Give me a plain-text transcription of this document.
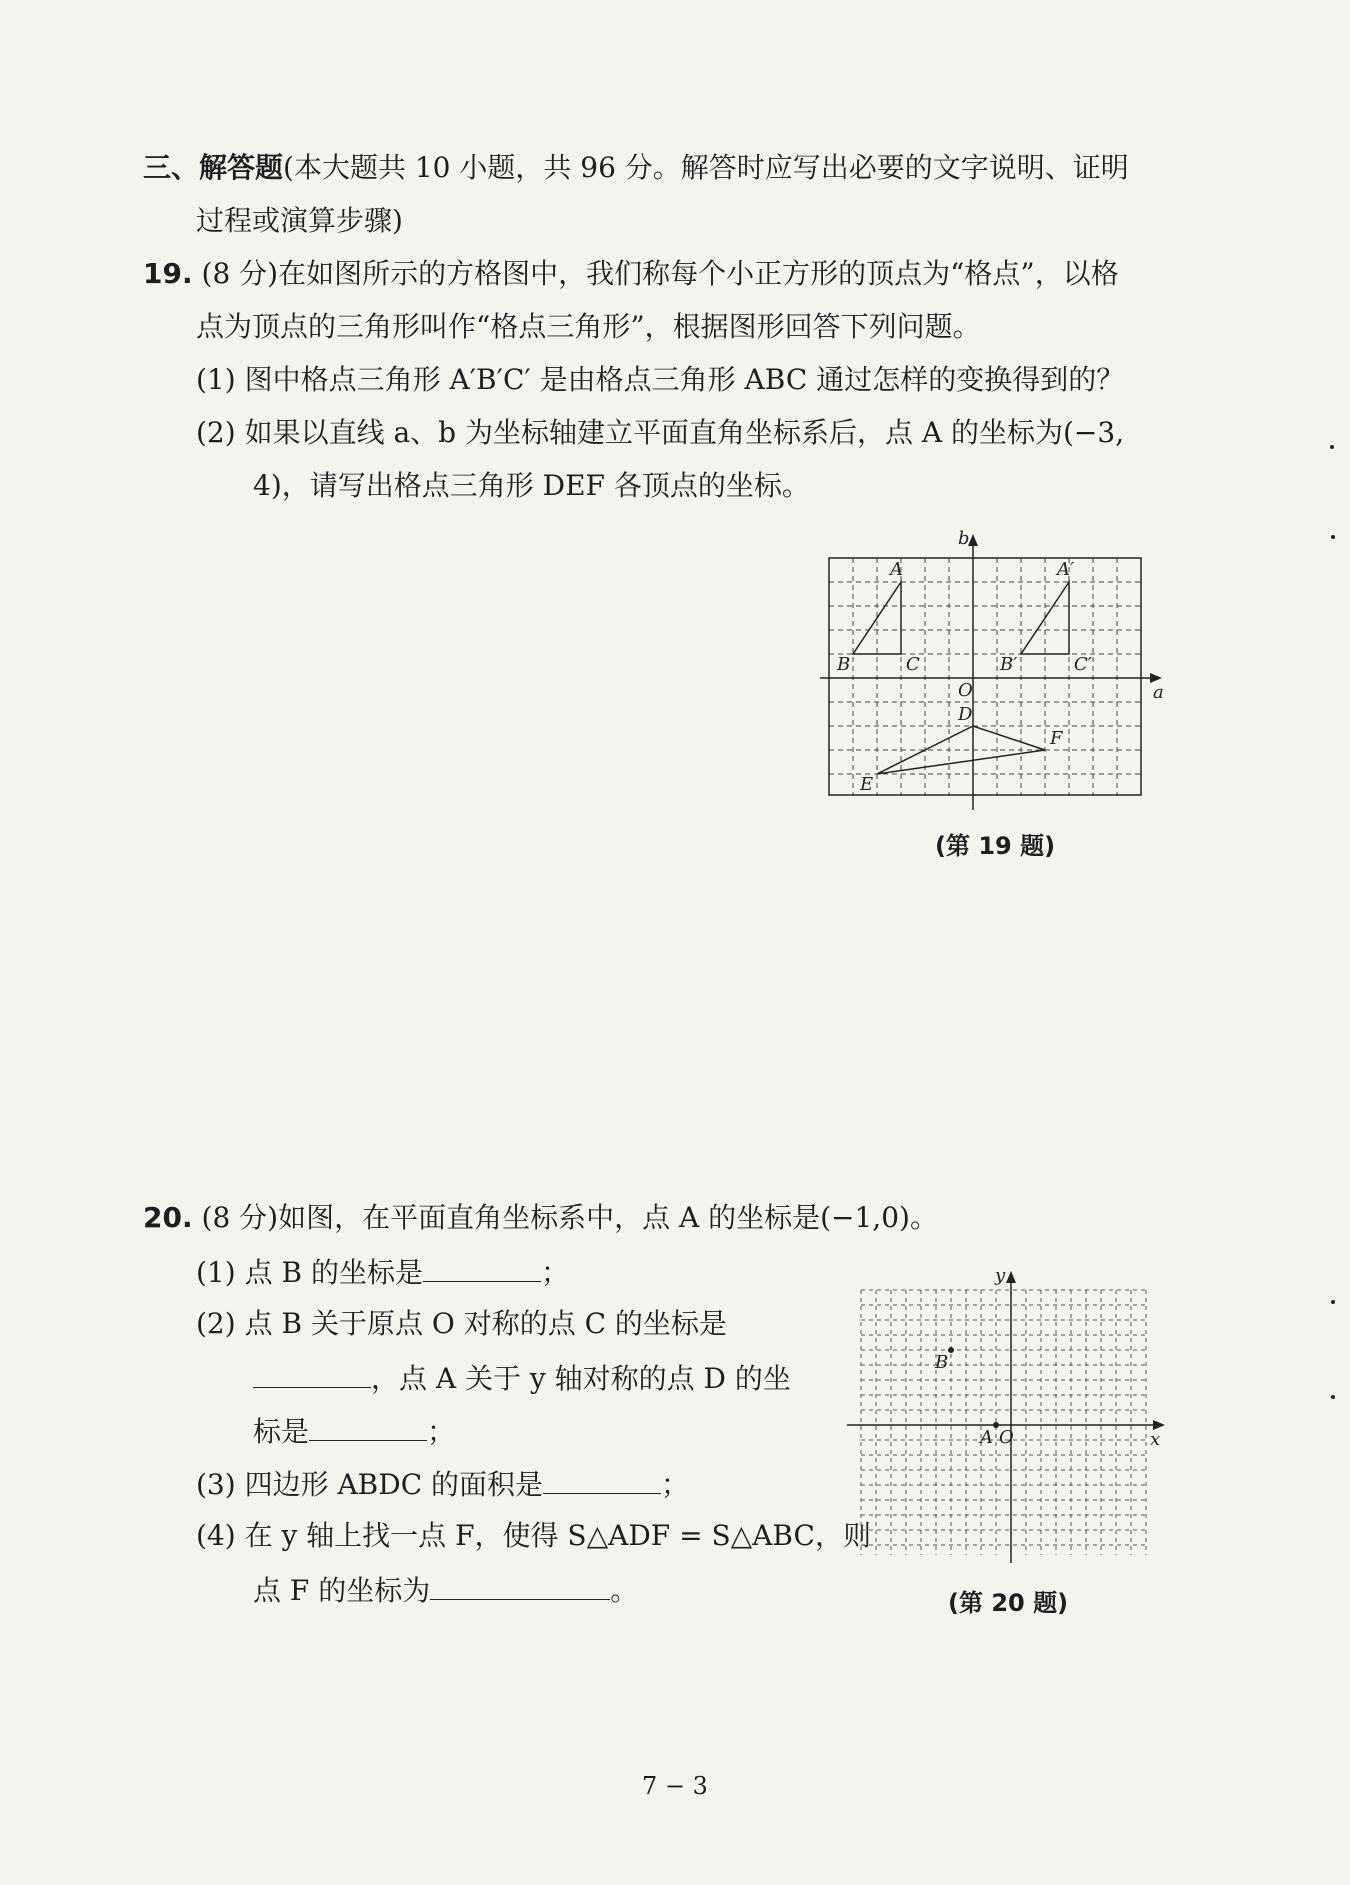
三、解答题(本大题共 10 小题，共 96 分。解答时应写出必要的文字说明、证明
过程或演算步骤)
19. (8 分)在如图所示的方格图中，我们称每个小正方形的顶点为“格点”，以格
点为顶点的三角形叫作“格点三角形”，根据图形回答下列问题。
(1) 图中格点三角形 A′B′C′ 是由格点三角形 ABC 通过怎样的变换得到的？
(2) 如果以直线 a、b 为坐标轴建立平面直角坐标系后，点 A 的坐标为(−3,
4)，请写出格点三角形 DEF 各顶点的坐标。
a
b
O
A
B	C
A′
B′	C′
D
E
F
(第 19 题)
20. (8 分)如图，在平面直角坐标系中，点 A 的坐标是(−1,0)。
(1) 点 B 的坐标是	；
(2) 点 B 关于原点 O 对称的点 C 的坐标是
，点 A 关于 y 轴对称的点 D 的坐
标是	；
(3) 四边形 ABDC 的面积是	；
(4) 在 y 轴上找一点 F，使得 S△ADF = S△ABC，则
点 F 的坐标为	。
x
y
O
A
B
(第 20 题)
7 − 3
